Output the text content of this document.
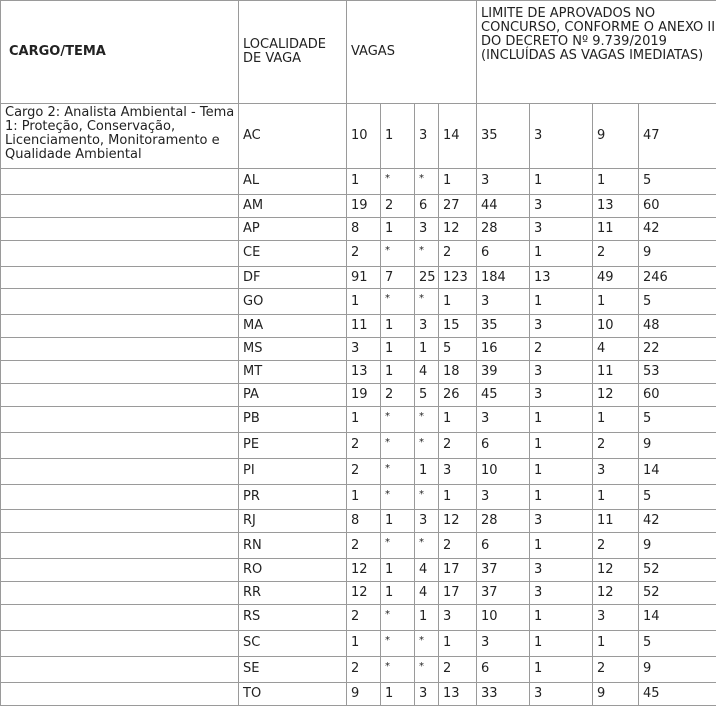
CARGO/TEMA	LOCALIDADE DE VAGA	VAGAS				LIMITE DE APROVADOS NO CONCURSO, CONFORME O ANEXO II DO DECRETO Nº 9.739/2019
(INCLUÍDAS AS VAGAS IMEDIATAS)			
Cargo 2: Analista Ambiental - Tema 1: Proteção, Conservação, Licenciamento, Monitoramento e Qualidade Ambiental	AC	10	1	3	14	35	3	9	47
	AL	1	*	*	1	3	1	1	5
	AM	19	2	6	27	44	3	13	60
	AP	8	1	3	12	28	3	11	42
	CE	2	*	*	2	6	1	2	9
	DF	91	7	25	123	184	13	49	246
	GO	1	*	*	1	3	1	1	5
	MA	11	1	3	15	35	3	10	48
	MS	3	1	1	5	16	2	4	22
	MT	13	1	4	18	39	3	11	53
	PA	19	2	5	26	45	3	12	60
	PB	1	*	*	1	3	1	1	5
	PE	2	*	*	2	6	1	2	9
	PI	2	*	1	3	10	1	3	14
	PR	1	*	*	1	3	1	1	5
	RJ	8	1	3	12	28	3	11	42
	RN	2	*	*	2	6	1	2	9
	RO	12	1	4	17	37	3	12	52
	RR	12	1	4	17	37	3	12	52
	RS	2	*	1	3	10	1	3	14
	SC	1	*	*	1	3	1	1	5
	SE	2	*	*	2	6	1	2	9
	TO	9	1	3	13	33	3	9	45
